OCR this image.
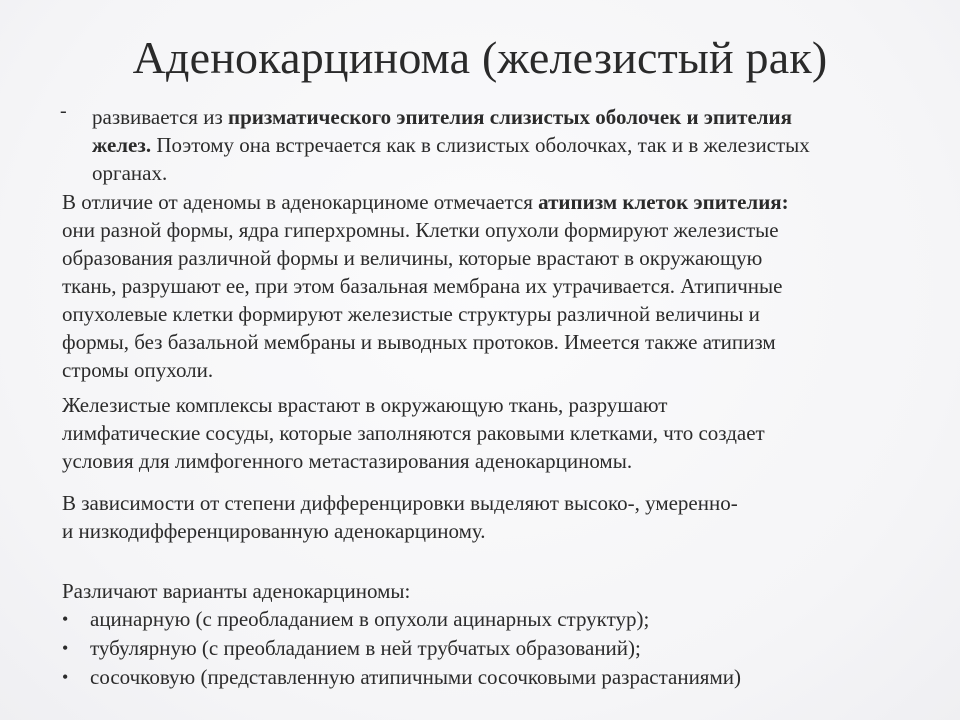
Аденокарцинома (железистый рак)
- развивается из призматического эпителия слизистых оболочек и эпителия
желез. Поэтому она встречается как в слизистых оболочках, так и в железистых
органах.
В отличие от аденомы в аденокарциноме отмечается атипизм клеток эпителия:
они разной формы, ядра гиперхромны. Клетки опухоли формируют железистые
образования различной формы и величины, которые врастают в окружающую
ткань, разрушают ее, при этом базальная мембрана их утрачивается. Атипичные
опухолевые клетки формируют железистые структуры различной величины и
формы, без базальной мембраны и выводных протоков. Имеется также атипизм
стромы опухоли.
Железистые комплексы врастают в окружающую ткань, разрушают
лимфатические сосуды, которые заполняются раковыми клетками, что создает
условия для лимфогенного метастазирования аденокарциномы.
В зависимости от степени дифференцировки выделяют высоко-, умеренно-
и низкодифференцированную аденокарциному.
Различают варианты аденокарциномы:
• ацинарную (с преобладанием в опухоли ацинарных структур);
• тубулярную (с преобладанием в ней трубчатых образований);
• сосочковую (представленную атипичными сосочковыми разрастаниями)
